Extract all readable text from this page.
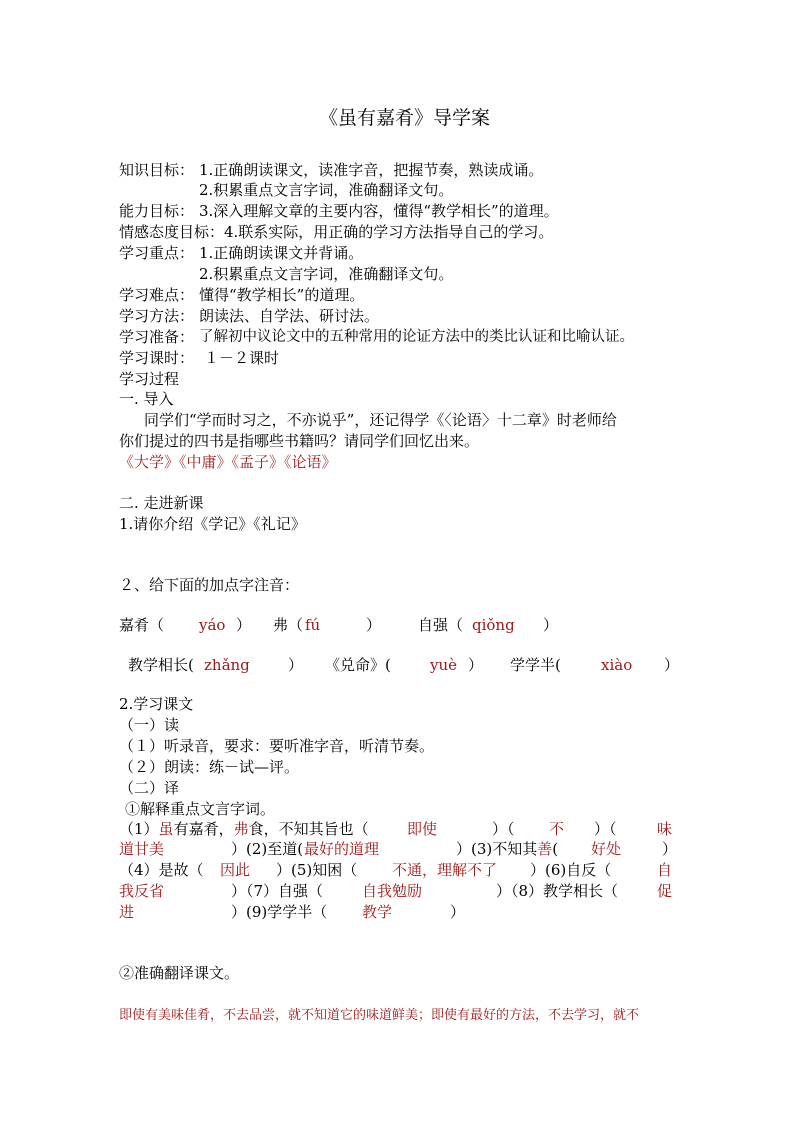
《虽有嘉肴》导学案
知识目标： 1.正确朗读课文，读准字音，把握节奏，熟读成诵。
2.积累重点文言字词，准确翻译文句。
能力目标： 3.深入理解文章的主要内容，懂得“教学相长”的道理。
情感态度目标： 4.联系实际，用正确的学习方法指导自己的学习。
学习重点： 1.正确朗读课文并背诵。
2.积累重点文言字词，准确翻译文句。
学习难点： 懂得“教学相长”的道理。
学习方法： 朗读法、自学法、研讨法。
学习准备： 了解初中议论文中的五种常用的论证方法中的类比认证和比喻认证。
学习课时： １－２课时
学习过程
一. 导入
同学们“学而时习之，不亦说乎”，还记得学《〈论语〉十二章》时老师给
你们提过的四书是指哪些书籍吗？请同学们回忆出来。
《大学》《中庸》《孟子》《论语》
二. 走进新课
1.请你介绍《学记》《礼记》
２、给下面的加点字注音：
嘉肴（ yáo ） 弗（ fú	） 自强（ qiǒng ）
教学相长( zhǎng	） 《兑命》(	yuè ） 学学半(	xiào ）
2.学习课文
（一）读
（１）听录音，要求：要听准字音，听清节奏。
（２）朗读：练－试—评。
（二）译
①解释重点文言字词。
（1）虽有嘉肴，弗食，不知其旨也（	即使	）（ 不 ）（	味
道甘美	）(2)至道( 最好的道理	）(3)不知其善( 好处	）
（4）是故（ 因此 ）(5)知困（ 不通，理解不了 ）(6)自反（	自
我反省	）（7）自强（	自我勉励	）（8）教学相长（	促
进	）(9)学学半（ 教学	）
②准确翻译课文。
即使有美味佳肴，不去品尝，就不知道它的味道鲜美；即使有最好的方法，不去学习，就不
